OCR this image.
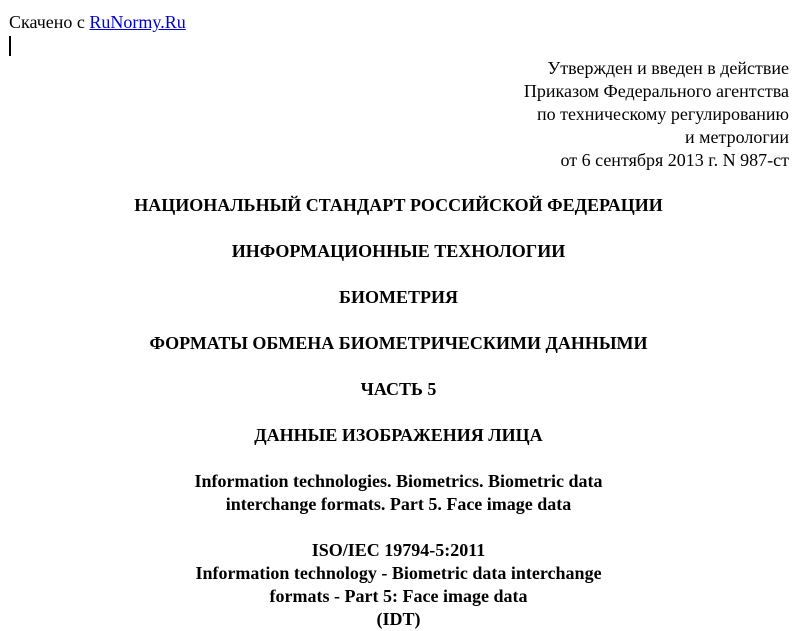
Скачено с RuNormy.Ru
Утвержден и введен в действие
Приказом Федерального агентства
по техническому регулированию
и метрологии
от 6 сентября 2013 г. N 987-ст
НАЦИОНАЛЬНЫЙ СТАНДАРТ РОССИЙСКОЙ ФЕДЕРАЦИИ
ИНФОРМАЦИОННЫЕ ТЕХНОЛОГИИ
БИОМЕТРИЯ
ФОРМАТЫ ОБМЕНА БИОМЕТРИЧЕСКИМИ ДАННЫМИ
ЧАСТЬ 5
ДАННЫЕ ИЗОБРАЖЕНИЯ ЛИЦА
Information technologies. Biometrics. Biometric data
interchange formats. Part 5. Face image data
ISO/IEC 19794-5:2011
Information technology - Biometric data interchange
formats - Part 5: Face image data
(IDT)
